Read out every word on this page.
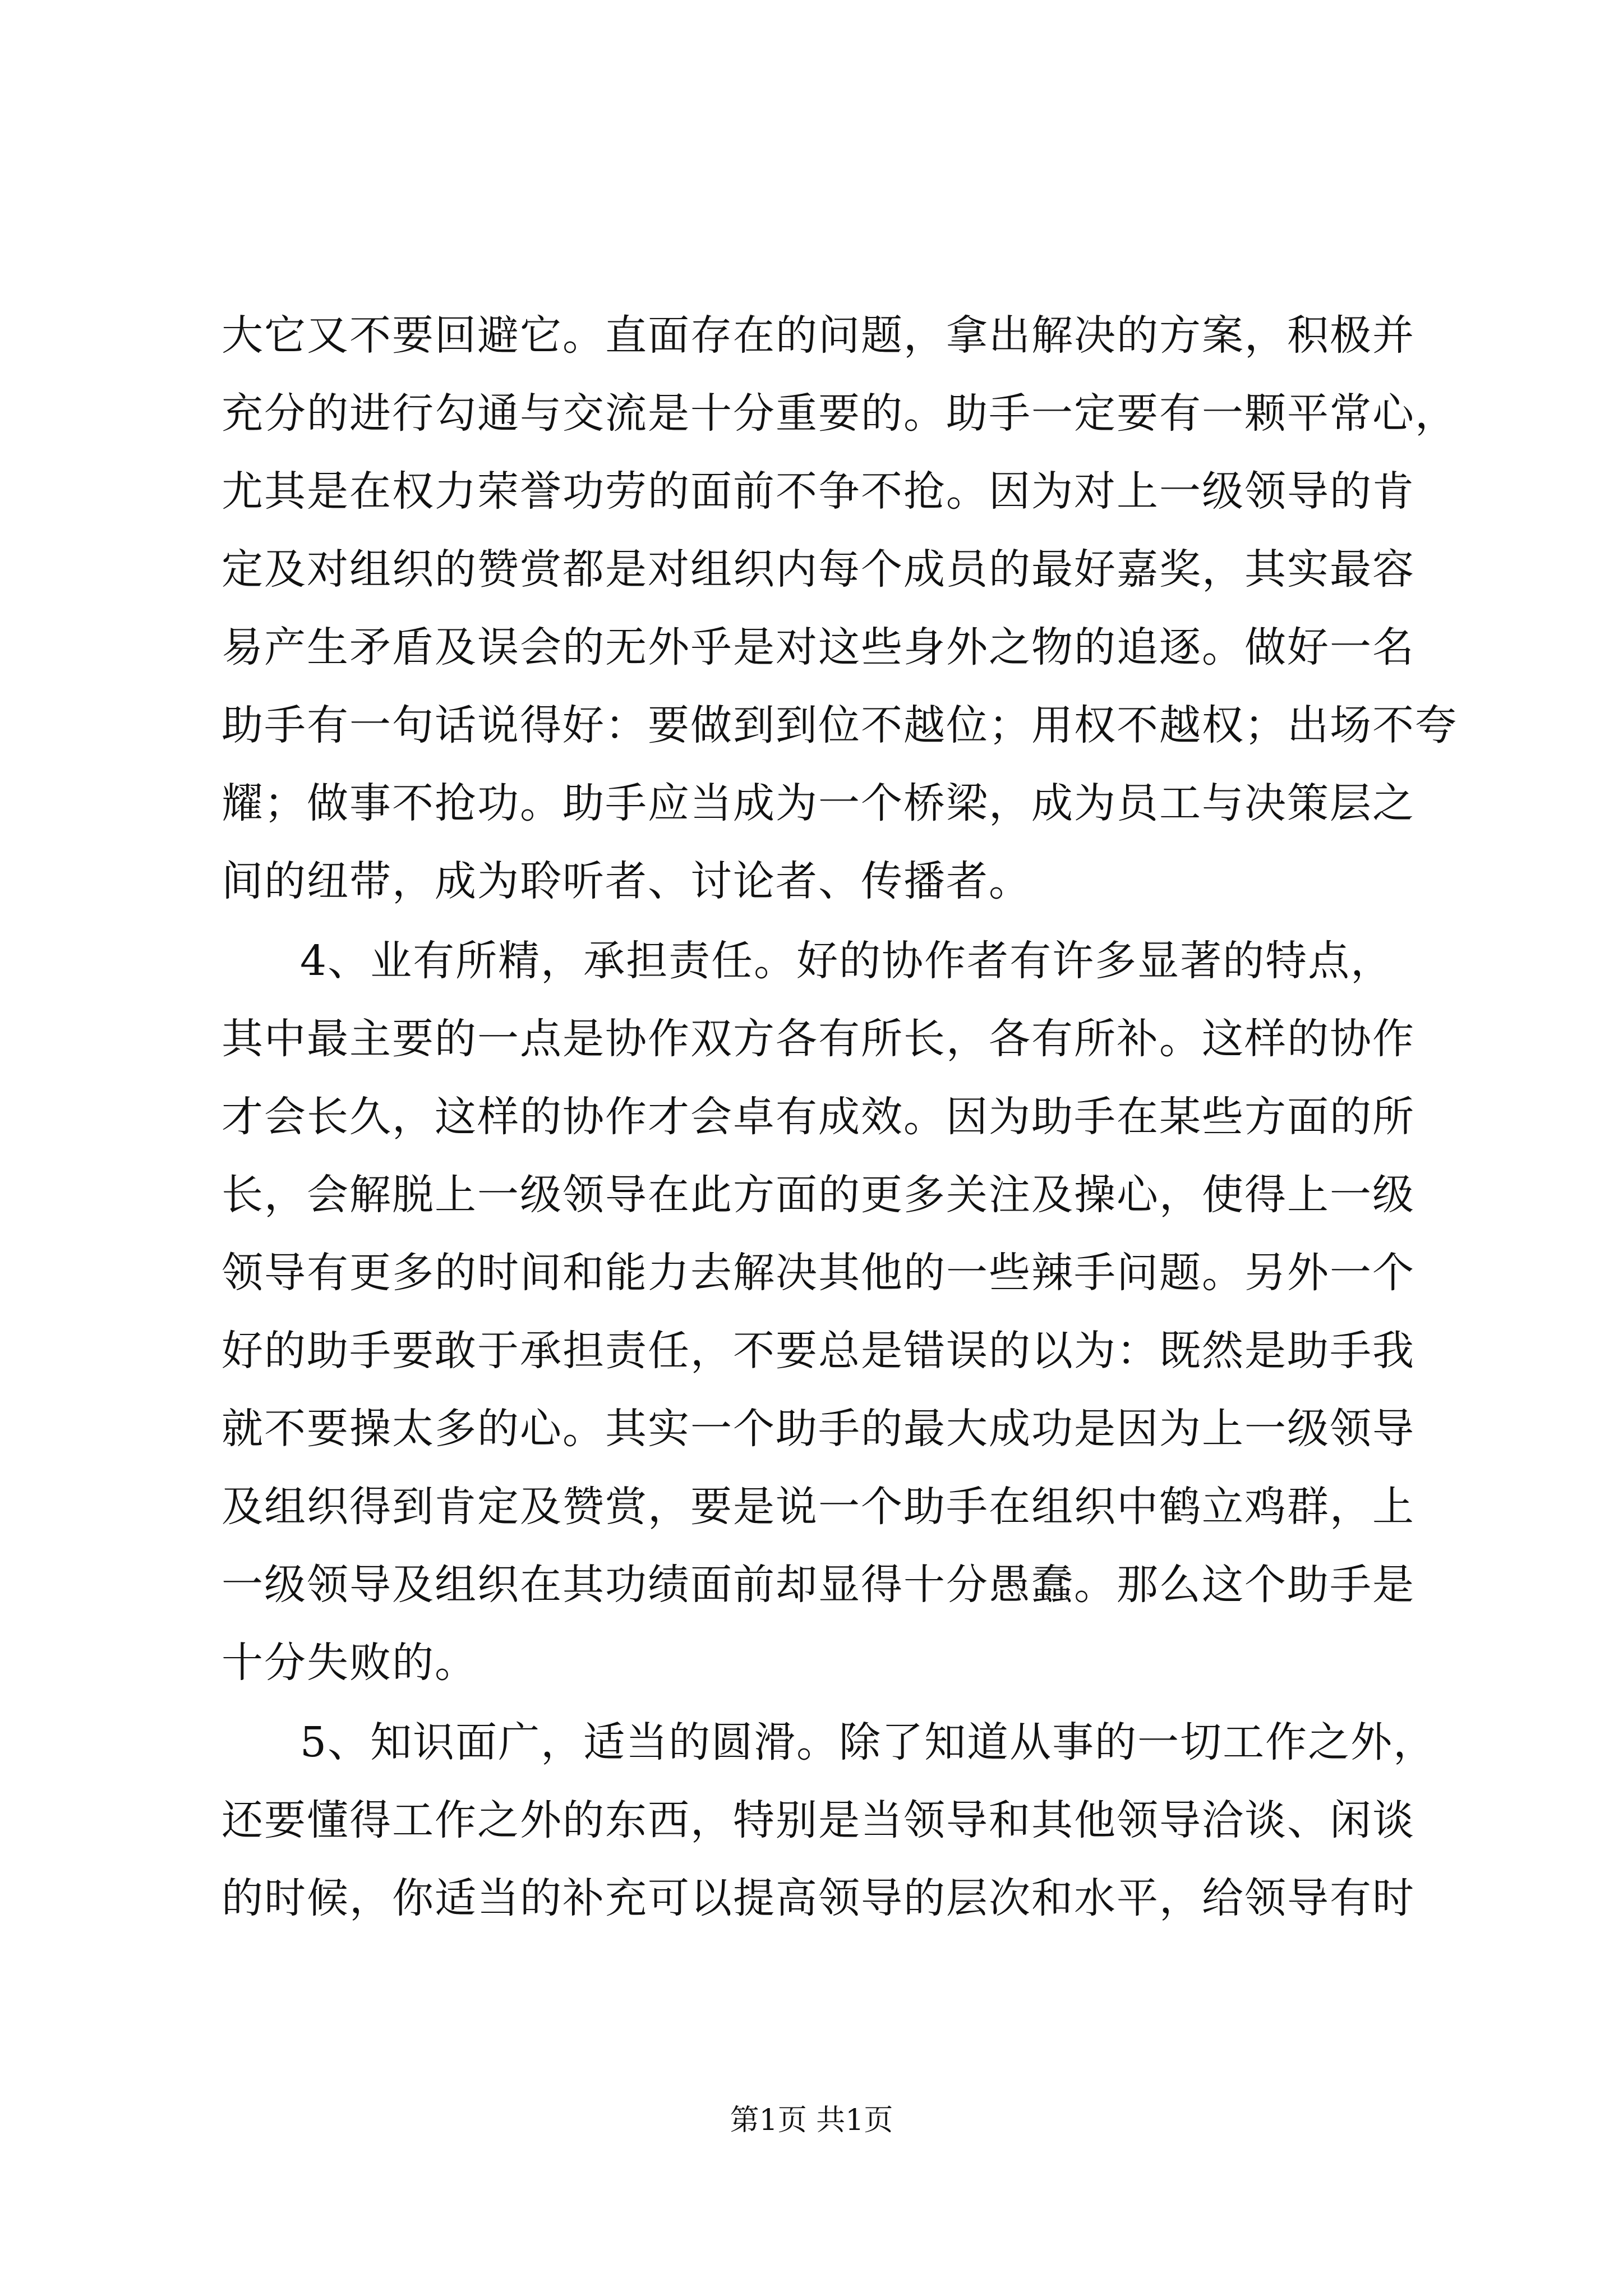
大它又不要回避它。直面存在的问题，拿出解决的方案，积极并
充分的进行勾通与交流是十分重要的。助手一定要有一颗平常心，
尤其是在权力荣誉功劳的面前不争不抢。因为对上一级领导的肯
定及对组织的赞赏都是对组织内每个成员的最好嘉奖，其实最容
易产生矛盾及误会的无外乎是对这些身外之物的追逐。做好一名
助手有一句话说得好：要做到到位不越位；用权不越权；出场不夸
耀；做事不抢功。助手应当成为一个桥梁，成为员工与决策层之
间的纽带，成为聆听者、讨论者、传播者。
4、业有所精，承担责任。好的协作者有许多显著的特点，
其中最主要的一点是协作双方各有所长，各有所补。这样的协作
才会长久，这样的协作才会卓有成效。因为助手在某些方面的所
长，会解脱上一级领导在此方面的更多关注及操心，使得上一级
领导有更多的时间和能力去解决其他的一些辣手问题。另外一个
好的助手要敢于承担责任，不要总是错误的以为：既然是助手我
就不要操太多的心。其实一个助手的最大成功是因为上一级领导
及组织得到肯定及赞赏，要是说一个助手在组织中鹤立鸡群，上
一级领导及组织在其功绩面前却显得十分愚蠢。那么这个助手是
十分失败的。
5、知识面广，适当的圆滑。除了知道从事的一切工作之外，
还要懂得工作之外的东西，特别是当领导和其他领导洽谈、闲谈
的时候，你适当的补充可以提高领导的层次和水平，给领导有时
第1页 共1页
